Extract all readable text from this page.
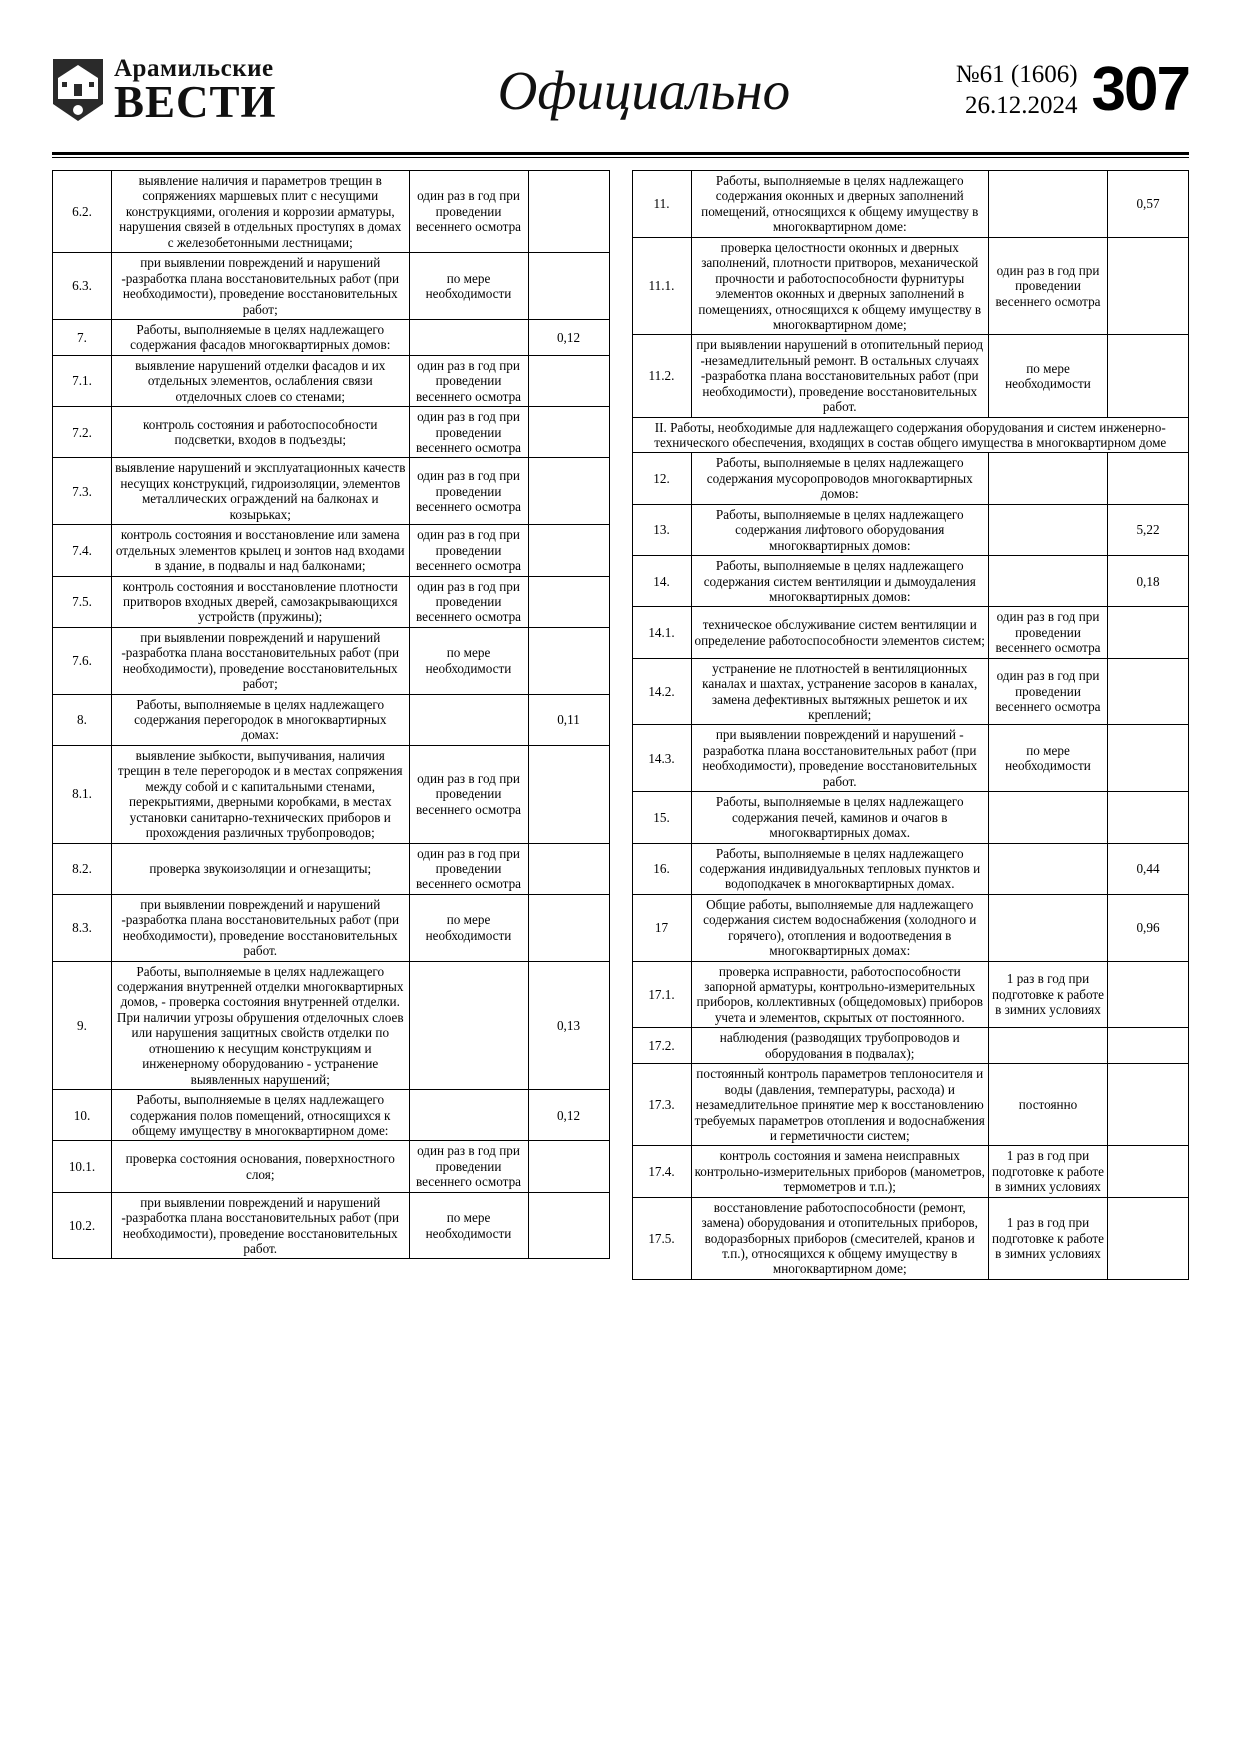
Арамильские
ВЕСТИ	Официально	№61 (1606)
26.12.2024 307
6.2.	выявление наличия и параметров трещин в сопряжениях маршевых плит с несущими конструкциями, оголения и коррозии арматуры, нарушения связей в отдельных проступях в домах с железобетонными лестницами;	один раз в год при проведении весеннего осмотра	
6.3.	при выявлении повреждений и нарушений -разработка плана восстановительных работ (при необходимости), проведение восстановительных работ;	по мере необходимости	
7.	Работы, выполняемые в целях надлежащего содержания фасадов многоквартирных домов:		0,12
7.1.	выявление нарушений отделки фасадов и их отдельных элементов, ослабления связи отделочных слоев со стенами;	один раз в год при проведении весеннего осмотра	
7.2.	контроль состояния и работоспособности подсветки, входов в подъезды;	один раз в год при проведении весеннего осмотра	
7.3.	выявление нарушений и эксплуатационных качеств несущих конструкций, гидроизоляции, элементов металлических ограждений на балконах и козырьках;	один раз в год при проведении весеннего осмотра	
7.4.	контроль состояния и восстановление или замена отдельных элементов крылец и зонтов над входами в здание, в подвалы и над балконами;	один раз в год при проведении весеннего осмотра	
7.5.	контроль состояния и восстановление плотности притворов входных дверей, самозакрывающихся устройств (пружины);	один раз в год при проведении весеннего осмотра	
7.6.	при выявлении повреждений и нарушений -разработка плана восстановительных работ (при необходимости), проведение восстановительных работ;	по мере необходимости	
8.	Работы, выполняемые в целях надлежащего содержания перегородок в многоквартирных домах:		0,11
8.1.	выявление зыбкости, выпучивания, наличия трещин в теле перегородок и в местах сопряжения между собой и с капитальными стенами, перекрытиями, дверными коробками, в местах установки санитарно-технических приборов и прохождения различных трубопроводов;	один раз в год при проведении весеннего осмотра	
8.2.	проверка звукоизоляции и огнезащиты;	один раз в год при проведении весеннего осмотра	
8.3.	при выявлении повреждений и нарушений -разработка плана восстановительных работ (при необходимости), проведение восстановительных работ.	по мере необходимости	
9.	Работы, выполняемые в целях надлежащего содержания внутренней отделки многоквартирных домов, - проверка состояния внутренней отделки. При наличии угрозы обрушения отделочных слоев или нарушения защитных свойств отделки по отношению к несущим конструкциям и инженерному оборудованию - устранение выявленных нарушений;		0,13
10.	Работы, выполняемые в целях надлежащего содержания полов помещений, относящихся к общему имуществу в многоквартирном доме:		0,12
10.1.	проверка состояния основания, поверхностного слоя;	один раз в год при проведении весеннего осмотра	
10.2.	при выявлении повреждений и нарушений -разработка плана восстановительных работ (при необходимости), проведение восстановительных работ.	по мере необходимости	
11.	Работы, выполняемые в целях надлежащего содержания оконных и дверных заполнений помещений, относящихся к общему имуществу в многоквартирном доме:		0,57
11.1.	проверка целостности оконных и дверных заполнений, плотности притворов, механической прочности и работоспособности фурнитуры элементов оконных и дверных заполнений в помещениях, относящихся к общему имуществу в многоквартирном доме;	один раз в год при проведении весеннего осмотра	
11.2.	при выявлении нарушений в отопительный период -незамедлительный ремонт. В остальных случаях -разработка плана восстановительных работ (при необходимости), проведение восстановительных работ.	по мере необходимости	
II. Работы, необходимые для надлежащего содержания оборудования и систем инженерно-технического обеспечения, входящих в состав общего имущества в многоквартирном доме			
12.	Работы, выполняемые в целях надлежащего содержания мусоропроводов многоквартирных домов:		
13.	Работы, выполняемые в целях надлежащего содержания лифтового оборудования многоквартирных домов:		5,22
14.	Работы, выполняемые в целях надлежащего содержания систем вентиляции и дымоудаления многоквартирных домов:		0,18
14.1.	техническое обслуживание систем вентиляции и определение работоспособности элементов систем;	один раз в год при проведении весеннего осмотра	
14.2.	устранение не плотностей в вентиляционных каналах и шахтах, устранение засоров в каналах, замена дефективных вытяжных решеток и их креплений;	один раз в год при проведении весеннего осмотра	
14.3.	при выявлении повреждений и нарушений - разработка плана восстановительных работ (при необходимости), проведение восстановительных работ.	по мере необходимости	
15.	Работы, выполняемые в целях надлежащего содержания печей, каминов и очагов в многоквартирных домах.		
16.	Работы, выполняемые в целях надлежащего содержания индивидуальных тепловых пунктов и водоподкачек в многоквартирных домах.		0,44
17	Общие работы, выполняемые для надлежащего содержания систем водоснабжения (холодного и горячего), отопления и водоотведения в многоквартирных домах:		0,96
17.1.	проверка исправности, работоспособности запорной арматуры, контрольно-измерительных приборов, коллективных (общедомовых) приборов учета и элементов, скрытых от постоянного.	1 раз в год при подготовке к работе в зимних условиях	
17.2.	наблюдения (разводящих трубопроводов и оборудования в подвалах);		
17.3.	постоянный контроль параметров теплоносителя и воды (давления, температуры, расхода) и незамедлительное принятие мер к восстановлению требуемых параметров отопления и водоснабжения и герметичности систем;	постоянно	
17.4.	контроль состояния и замена неисправных контрольно-измерительных приборов (манометров, термометров и т.п.);	1 раз в год при подготовке к работе в зимних условиях	
17.5.	восстановление работоспособности (ремонт, замена) оборудования и отопительных приборов, водоразборных приборов (смесителей, кранов и т.п.), относящихся к общему имуществу в многоквартирном доме;	1 раз в год при подготовке к работе в зимних условиях	
